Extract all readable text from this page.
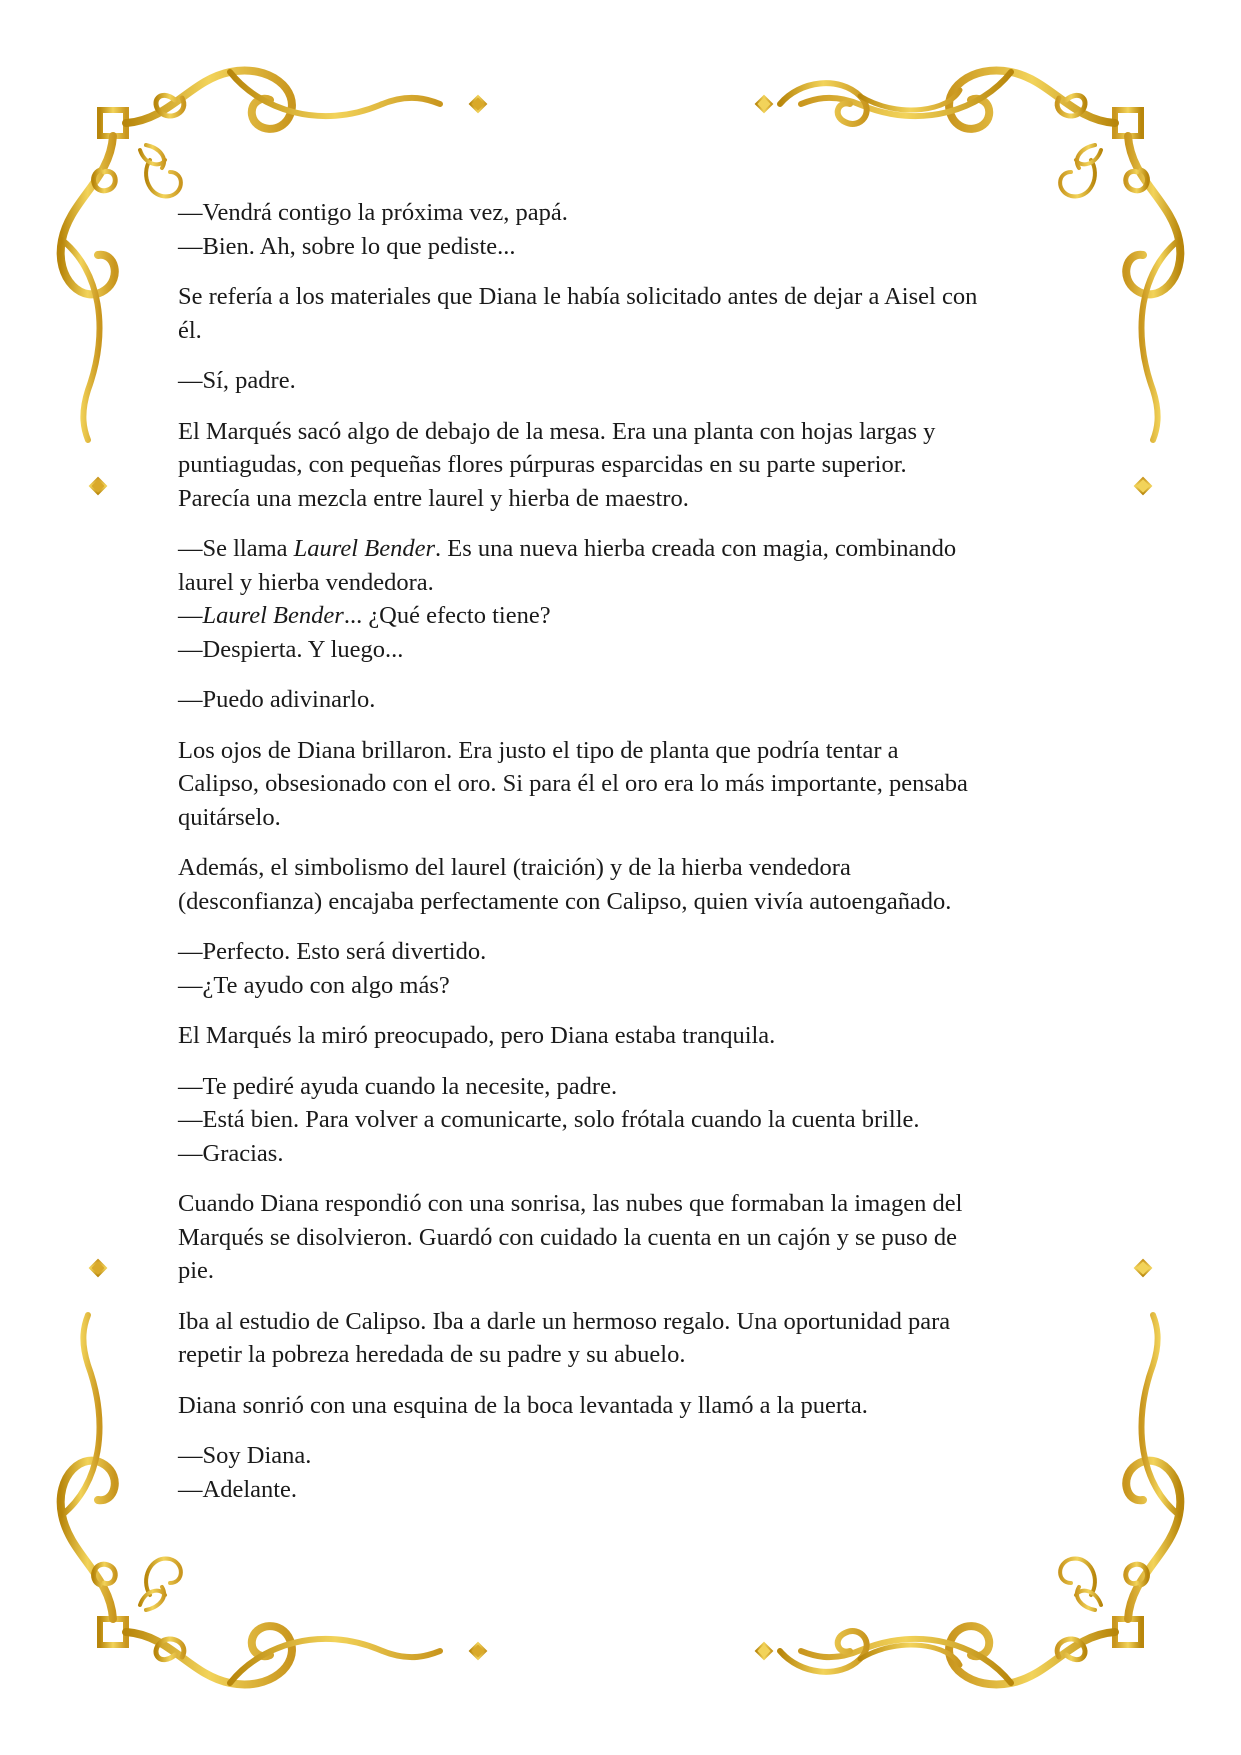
—Vendrá contigo la próxima vez, papá.
—Bien. Ah, sobre lo que pediste...
Se refería a los materiales que Diana le había solicitado antes de dejar a Aisel con
él.
—Sí, padre.
El Marqués sacó algo de debajo de la mesa. Era una planta con hojas largas y
puntiagudas, con pequeñas flores púrpuras esparcidas en su parte superior.
Parecía una mezcla entre laurel y hierba de maestro.
—Se llama Laurel Bender. Es una nueva hierba creada con magia, combinando
laurel y hierba vendedora.
—Laurel Bender... ¿Qué efecto tiene?
—Despierta. Y luego...
—Puedo adivinarlo.
Los ojos de Diana brillaron. Era justo el tipo de planta que podría tentar a
Calipso, obsesionado con el oro. Si para él el oro era lo más importante, pensaba
quitárselo.
Además, el simbolismo del laurel (traición) y de la hierba vendedora
(desconfianza) encajaba perfectamente con Calipso, quien vivía autoengañado.
—Perfecto. Esto será divertido.
—¿Te ayudo con algo más?
El Marqués la miró preocupado, pero Diana estaba tranquila.
—Te pediré ayuda cuando la necesite, padre.
—Está bien. Para volver a comunicarte, solo frótala cuando la cuenta brille.
—Gracias.
Cuando Diana respondió con una sonrisa, las nubes que formaban la imagen del
Marqués se disolvieron. Guardó con cuidado la cuenta en un cajón y se puso de
pie.
Iba al estudio de Calipso. Iba a darle un hermoso regalo. Una oportunidad para
repetir la pobreza heredada de su padre y su abuelo.
Diana sonrió con una esquina de la boca levantada y llamó a la puerta.
—Soy Diana.
—Adelante.
